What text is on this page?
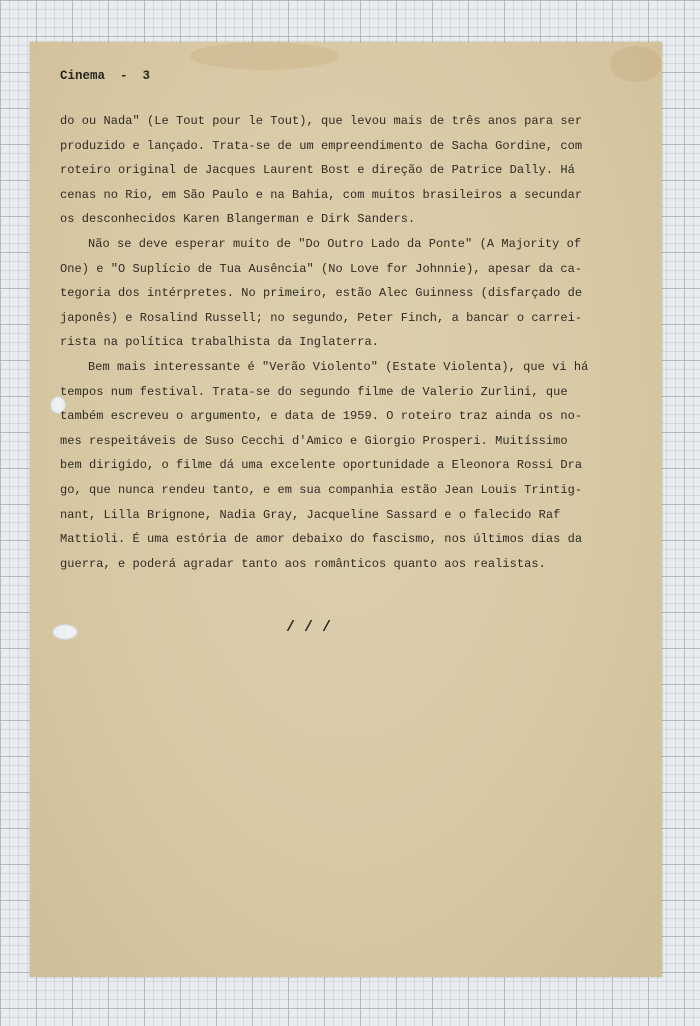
Cinema  -  3

do ou Nada" (Le Tout pour le Tout), que levou mais de três anos para ser

produzido e lançado. Trata-se de um empreendimento de Sacha Gordine, com

roteiro original de Jacques Laurent Bost e direção de Patrice Dally. Há

cenas no Rio, em São Paulo e na Bahia, com muitos brasileiros a secundar

os desconhecidos Karen Blangerman e Dirk Sanders.

Não se deve esperar muito de "Do Outro Lado da Ponte" (A Majority of

One) e "O Suplício de Tua Ausência" (No Love for Johnnie), apesar da ca-

tegoria dos intérpretes. No primeiro, estão Alec Guinness (disfarçado de

japonês) e Rosalind Russell; no segundo, Peter Finch, a bancar o carrei-

rista na política trabalhista da Inglaterra.

Bem mais interessante é "Verão Violento" (Estate Violenta), que vi há

tempos num festival. Trata-se do segundo filme de Valerio Zurlini, que

também escreveu o argumento, e data de 1959. O roteiro traz ainda os no-

mes respeitáveis de Suso Cecchi d'Amico e Giorgio Prosperi. Muitíssimo

bem dirigido, o filme dá uma excelente oportunidade a Eleonora Rossi Dra

go, que nunca rendeu tanto, e em sua companhia estão Jean Louis Trintig-

nant, Lilla Brignone, Nadia Gray, Jacqueline Sassard e o falecido Raf

Mattioli. É uma estória de amor debaixo do fascismo, nos últimos dias da

guerra, e poderá agradar tanto aos românticos quanto aos realistas.

/ / /
